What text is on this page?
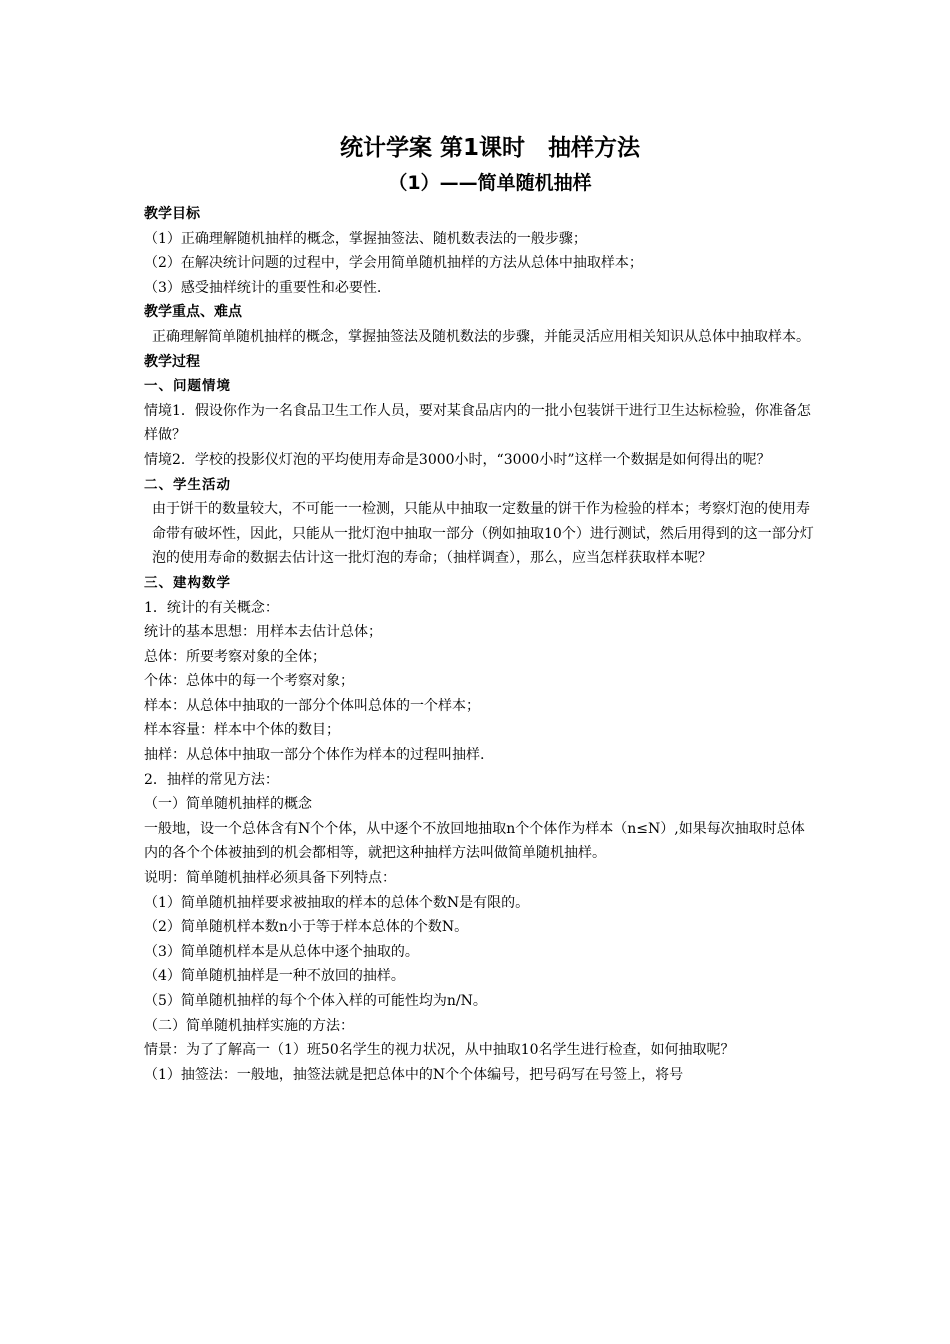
统计学案 第1课时　抽样方法

（1）——简单随机抽样

教学目标

（1）正确理解随机抽样的概念，掌握抽签法、随机数表法的一般步骤；

（2）在解决统计问题的过程中，学会用简单随机抽样的方法从总体中抽取样本；

（3）感受抽样统计的重要性和必要性.

教学重点、难点

正确理解简单随机抽样的概念，掌握抽签法及随机数法的步骤，并能灵活应用相关知识从总体中抽取样本。

教学过程

一、问题情境

情境1．假设你作为一名食品卫生工作人员，要对某食品店内的一批小包装饼干进行卫生达标检验，你准备怎样做？

情境2．学校的投影仪灯泡的平均使用寿命是3000小时，“3000小时”这样一个数据是如何得出的呢？

二、学生活动

由于饼干的数量较大，不可能一一检测，只能从中抽取一定数量的饼干作为检验的样本；考察灯泡的使用寿命带有破坏性，因此，只能从一批灯泡中抽取一部分（例如抽取10个）进行测试，然后用得到的这一部分灯泡的使用寿命的数据去估计这一批灯泡的寿命；（抽样调查），那么，应当怎样获取样本呢？

三、建构数学

1．统计的有关概念：

统计的基本思想：用样本去估计总体；

总体：所要考察对象的全体；

个体：总体中的每一个考察对象；

样本：从总体中抽取的一部分个体叫总体的一个样本；

样本容量：样本中个体的数目；

抽样：从总体中抽取一部分个体作为样本的过程叫抽样.

2．抽样的常见方法：

（一）简单随机抽样的概念

一般地，设一个总体含有N个个体，从中逐个不放回地抽取n个个体作为样本（n≤N）,如果每次抽取时总体内的各个个体被抽到的机会都相等，就把这种抽样方法叫做简单随机抽样。

说明：简单随机抽样必须具备下列特点：

（1）简单随机抽样要求被抽取的样本的总体个数N是有限的。

（2）简单随机样本数n小于等于样本总体的个数N。

（3）简单随机样本是从总体中逐个抽取的。

（4）简单随机抽样是一种不放回的抽样。

（5）简单随机抽样的每个个体入样的可能性均为n/N。

（二）简单随机抽样实施的方法：

情景：为了了解高一（1）班50名学生的视力状况，从中抽取10名学生进行检查，如何抽取呢？

（1）抽签法：一般地，抽签法就是把总体中的N个个体编号，把号码写在号签上，将号
